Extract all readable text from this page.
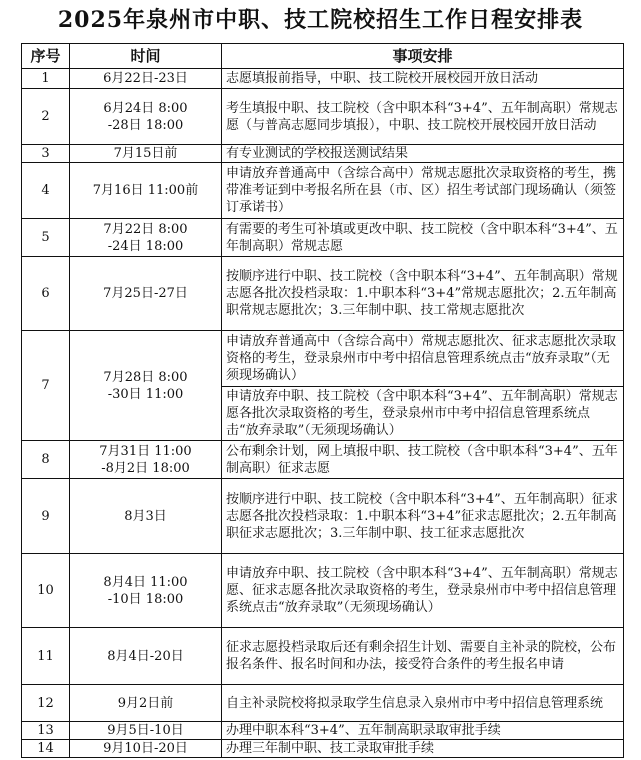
2025年泉州市中职、技工院校招生工作日程安排表
序号	时间	事项安排
1	6月22日-23日	志愿填报前指导，中职、技工院校开展校园开放日活动
2	6月24日 8:00
-28日 18:00	考生填报中职、技工院校（含中职本科“3+4”、五年制高职）常规志愿（与普高志愿同步填报），中职、技工院校开展校园开放日活动
3	7月15日前	有专业测试的学校报送测试结果
4	7月16日 11:00前	申请放弃普通高中（含综合高中）常规志愿批次录取资格的考生，携带准考证到中考报名所在县（市、区）招生考试部门现场确认（须签订承诺书）
5	7月22日 8:00
-24日 18:00	有需要的考生可补填或更改中职、技工院校（含中职本科“3+4”、五年制高职）常规志愿
6	7月25日-27日	按顺序进行中职、技工院校（含中职本科“3+4”、五年制高职）常规志愿各批次投档录取：1.中职本科“3+4”常规志愿批次；2.五年制高职常规志愿批次；3.三年制中职、技工常规志愿批次
7	7月28日 8:00
-30日 11:00	申请放弃普通高中（含综合高中）常规志愿批次、征求志愿批次录取资格的考生，登录泉州市中考中招信息管理系统点击“放弃录取”（无须现场确认）
		申请放弃中职、技工院校（含中职本科“3+4”、五年制高职）常规志愿各批次录取资格的考生，登录泉州市中考中招信息管理系统点击“放弃录取”（无须现场确认）
8	7月31日 11:00
-8月2日 18:00	公布剩余计划，网上填报中职、技工院校（含中职本科“3+4”、五年制高职）征求志愿
9	8月3日	按顺序进行中职、技工院校（含中职本科“3+4”、五年制高职）征求志愿各批次投档录取：1.中职本科“3+4”征求志愿批次；2.五年制高职征求志愿批次；3.三年制中职、技工征求志愿批次
10	8月4日 11:00
-10日 18:00	申请放弃中职、技工院校（含中职本科“3+4”、五年制高职）常规志愿、征求志愿各批次录取资格的考生，登录泉州市中考中招信息管理系统点击“放弃录取”（无须现场确认）
11	8月4日-20日	征求志愿投档录取后还有剩余招生计划、需要自主补录的院校，公布报名条件、报名时间和办法，接受符合条件的考生报名申请
12	9月2日前	自主补录院校将拟录取学生信息录入泉州市中考中招信息管理系统
13	9月5日-10日	办理中职本科“3+4”、五年制高职录取审批手续
14	9月10日-20日	办理三年制中职、技工录取审批手续
